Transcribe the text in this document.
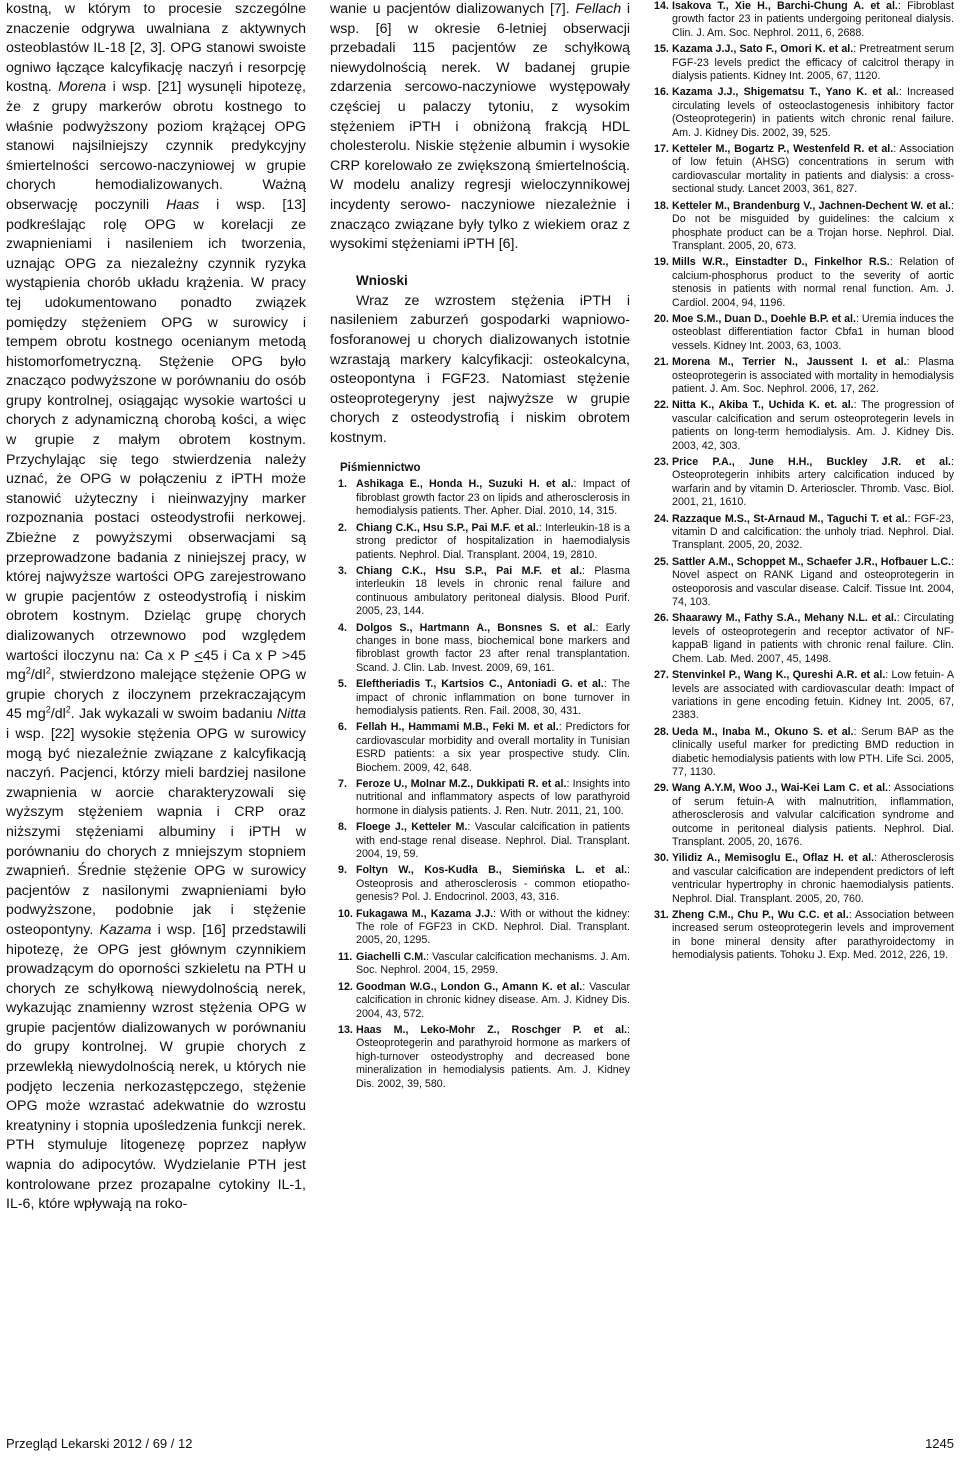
kostną, w którym to procesie szczególne znaczenie odgrywa uwalniana z aktywnych osteoblastów IL-18 [2, 3]. OPG stanowi swoiste ogniwo łączące kalcyfikację naczyń i resorpcję kostną. Morena i wsp. [21] wysunęli hipotezę, że z grupy markerów obrotu kostnego to właśnie podwyższony poziom krążącej OPG stanowi najsilniejszy czynnik predykcyjny śmiertelności sercowo-naczyniowej w grupie chorych hemodializowanych. Ważną obserwację poczynili Haas i wsp. [13] podkreślając rolę OPG w korelacji ze zwapnieniami i nasileniem ich tworzenia, uznając OPG za niezależny czynnik ryzyka wystąpienia chorób układu krążenia. W pracy tej udokumentowano ponadto związek pomiędzy stężeniem OPG w surowicy i tempem obrotu kostnego ocenianym metodą histomorfometryczną. Stężenie OPG było znacząco podwyższone w porównaniu do osób grupy kontrolnej, osiągając wysokie wartości u chorych z adynamiczną chorobą kości, a więc w grupie z małym obrotem kostnym. Przychylając się tego stwierdzenia należy uznać, że OPG w połączeniu z iPTH może stanowić użyteczny i nieinwazyjny marker rozpoznania postaci osteodystrofii nerkowej. Zbieżne z powyższymi obserwacjami są przeprowadzone badania z niniejszej pracy, w której najwyższe wartości OPG zarejestrowano w grupie pacjentów z osteodystrofią i niskim obrotem kostnym. Dzieląc grupę chorych dializowanych otrzewnowo pod względem wartości iloczynu na: Ca x P <45 i Ca x P >45 $mg^2/dl^2$, stwierdzono malejące stężenie OPG w grupie chorych z iloczynem przekraczającym 45 $mg^2/dl^2$. Jak wykazali w swoim badaniu Nitta i wsp. [22] wysokie stężenia OPG w surowicy mogą być niezależnie związane z kalcyfikacją naczyń. Pacjenci, którzy mieli bardziej nasilone zwapnienia w aorcie charakteryzowali się wyższym stężeniem wapnia i CRP oraz niższymi stężeniami albuminy i iPTH w porównaniu do chorych z mniejszym stopniem zwapnień. Średnie stężenie OPG w surowicy pacjentów z nasilonymi zwapnieniami było podwyższone, podobnie jak i stężenie osteopontyny. Kazama i wsp. [16] przedstawili hipotezę, że OPG jest głównym czynnikiem prowadzącym do oporności szkieletu na PTH u chorych ze schyłkową niewydolnością nerek, wykazując znamienny wzrost stężenia OPG w grupie pacjentów dializowanych w porównaniu do grupy kontrolnej. W grupie chorych z przewlekłą niewydolnością nerek, u których nie podjęto leczenia nerkozastępczego, stężenie OPG może wzrastać adekwatnie do wzrostu kreatyniny i stopnia upośledzenia funkcji nerek. PTH stymuluje litogenezę poprzez napływ wapnia do adipocytów. Wydzielanie PTH jest kontrolowane przez prozapalne cytokiny IL-1, IL-6, które wpływają na roko-

wanie u pacjentów dializowanych [7]. Fellach i wsp. [6] w okresie 6-letniej obserwacji przebadali 115 pacjentów ze schyłkową niewydolnością nerek. W badanej grupie zdarzenia sercowo-naczyniowe występowały częściej u palaczy tytoniu, z wysokim stężeniem iPTH i obniżoną frakcją HDL cholesterolu. Niskie stężenie albumin i wysokie CRP korelowało ze zwiększoną śmiertelnością. W modelu analizy regresji wieloczynnikowej incydenty serowo- naczyniowe niezależnie i znacząco związane były tylko z wiekiem oraz z wysokimi stężeniami iPTH [6].

Wnioski

Wraz ze wzrostem stężenia iPTH i nasileniem zaburzeń gospodarki wapniowo-fosforanowej u chorych dializowanych istotnie wzrastają markery kalcyfikacji: osteokalcyna, osteopontyna i FGF23. Natomiast stężenie osteoprotegeryny jest najwyższe w grupie chorych z osteodystrofią i niskim obrotem kostnym.

Piśmiennictwo
1. Ashikaga E., Honda H., Suzuki H. et al.: Impact of fibroblast growth factor 23 on lipids and atherosclerosis in hemodialysis patients. Ther. Apher. Dial. 2010, 14, 315.
2. Chiang C.K., Hsu S.P., Pai M.F. et al.: Interleukin-18 is a strong predictor of hospitalization in haemodialysis patients. Nephrol. Dial. Transplant. 2004, 19, 2810.
3. Chiang C.K., Hsu S.P., Pai M.F. et al.: Plasma interleukin 18 levels in chronic renal failure and continuous ambulatory peritoneal dialysis. Blood Purif. 2005, 23, 144.
4. Dolgos S., Hartmann A., Bonsnes S. et al.: Early changes in bone mass, biochemical bone markers and fibroblast growth factor 23 after renal transplantation. Scand. J. Clin. Lab. Invest. 2009, 69, 161.
5. Eleftheriadis T., Kartsios C., Antoniadi G. et al.: The impact of chronic inflammation on bone turnover in hemodialysis patients. Ren. Fail. 2008, 30, 431.
6. Fellah H., Hammami M.B., Feki M. et al.: Predictors for cardiovascular morbidity and overall mortality in Tunisian ESRD patients: a six year prospective study. Clin. Biochem. 2009, 42, 648.
7. Feroze U., Molnar M.Z., Dukkipati R. et al.: Insights into nutritional and inflammatory aspects of low parathyroid hormone in dialysis patients. J. Ren. Nutr. 2011, 21, 100.
8. Floege J., Ketteler M.: Vascular calcification in patients with end-stage renal disease. Nephrol. Dial. Transplant. 2004, 19, 59.
9. Foltyn W., Kos-Kudła B., Siemińska L. et al.: Osteoprosis and atherosclerosis - common etiopatho-genesis? Pol. J. Endocrinol. 2003, 43, 316.
10. Fukagawa M., Kazama J.J.: With or without the kidney: The role of FGF23 in CKD. Nephrol. Dial. Transplant. 2005, 20, 1295.
11. Giachelli C.M.: Vascular calcification mechanisms. J. Am. Soc. Nephrol. 2004, 15, 2959.
12. Goodman W.G., London G., Amann K. et al.: Vascular calcification in chronic kidney disease. Am. J. Kidney Dis. 2004, 43, 572.
13. Haas M., Leko-Mohr Z., Roschger P. et al.: Osteoprotegerin and parathyroid hormone as markers of high-turnover osteodystrophy and decreased bone mineralization in hemodialysis patients. Am. J. Kidney Dis. 2002, 39, 580.
14. Isakova T., Xie H., Barchi-Chung A. et al.: Fibroblast growth factor 23 in patients undergoing peritoneal dialysis. Clin. J. Am. Soc. Nephrol. 2011, 6, 2688.
15. Kazama J.J., Sato F., Omori K. et al.: Pretreatment serum FGF-23 levels predict the efficacy of calcitrol therapy in dialysis patients. Kidney Int. 2005, 67, 1120.
16. Kazama J.J., Shigematsu T., Yano K. et al.: Increased circulating levels of osteoclastogenesis inhibitory factor (Osteoprotegerin) in patients witch chronic renal failure. Am. J. Kidney Dis. 2002, 39, 525.
17. Ketteler M., Bogartz P., Westenfeld R. et al.: Association of low fetuin (AHSG) concentrations in serum with cardiovascular mortality in patients and dialysis: a cross-sectional study. Lancet 2003, 361, 827.
18. Ketteler M., Brandenburg V., Jachnen-Dechent W. et al.: Do not be misguided by guidelines: the calcium x phosphate product can be a Trojan horse. Nephrol. Dial. Transplant. 2005, 20, 673.
19. Mills W.R., Einstadter D., Finkelhor R.S.: Relation of calcium-phosphorus product to the severity of aortic stenosis in patients with normal renal function. Am. J. Cardiol. 2004, 94, 1196.
20. Moe S.M., Duan D., Doehle B.P. et al.: Uremia induces the osteoblast differentiation factor Cbfa1 in human blood vessels. Kidney Int. 2003, 63, 1003.
21. Morena M., Terrier N., Jaussent I. et al.: Plasma osteoprotegerin is associated with mortality in hemodialysis patient. J. Am. Soc. Nephrol. 2006, 17, 262.
22. Nitta K., Akiba T., Uchida K. et. al.: The progression of vascular calcification and serum osteoprotegerin levels in patients on long-term hemodialysis. Am. J. Kidney Dis. 2003, 42, 303.
23. Price P.A., June H.H., Buckley J.R. et al.: Osteoprotegerin inhibits artery calcification induced by warfarin and by vitamin D. Arterioscler. Thromb. Vasc. Biol. 2001, 21, 1610.
24. Razzaque M.S., St-Arnaud M., Taguchi T. et al.: FGF-23, vitamin D and calcification: the unholy triad. Nephrol. Dial. Transplant. 2005, 20, 2032.
25. Sattler A.M., Schoppet M., Schaefer J.R., Hofbauer L.C.: Novel aspect on RANK Ligand and osteoprotegerin in osteoporosis and vascular disease. Calcif. Tissue Int. 2004, 74, 103.
26. Shaarawy M., Fathy S.A., Mehany N.L. et al.: Circulating levels of osteoprotegerin and receptor activator of NF-kappaB ligand in patients with chronic renal failure. Clin. Chem. Lab. Med. 2007, 45, 1498.
27. Stenvinkel P., Wang K., Qureshi A.R. et al.: Low fetuin- A levels are associated with cardiovascular death: Impact of variations in gene encoding fetuin. Kidney Int. 2005, 67, 2383.
28. Ueda M., Inaba M., Okuno S. et al.: Serum BAP as the clinically useful marker for predicting BMD reduction in diabetic hemodialysis patients with low PTH. Life Sci. 2005, 77, 1130.
29. Wang A.Y.M, Woo J., Wai-Kei Lam C. et al.: Associations of serum fetuin-A with malnutrition, inflammation, atherosclerosis and valvular calcification syndrome and outcome in peritoneal dialysis patients. Nephrol. Dial. Transplant. 2005, 20, 1676.
30. Yilidiz A., Memisoglu E., Oflaz H. et al.: Atherosclerosis and vascular calcification are independent predictors of left ventricular hypertrophy in chronic haemodialysis patients. Nephrol. Dial. Transplant. 2005, 20, 760.
31. Zheng C.M., Chu P., Wu C.C. et al.: Association between increased serum osteoprotegerin levels and improvement in bone mineral density after parathyroidectomy in hemodialysis patients. Tohoku J. Exp. Med. 2012, 226, 19.
Przegląd Lekarski 2012 / 69 / 12	1245
